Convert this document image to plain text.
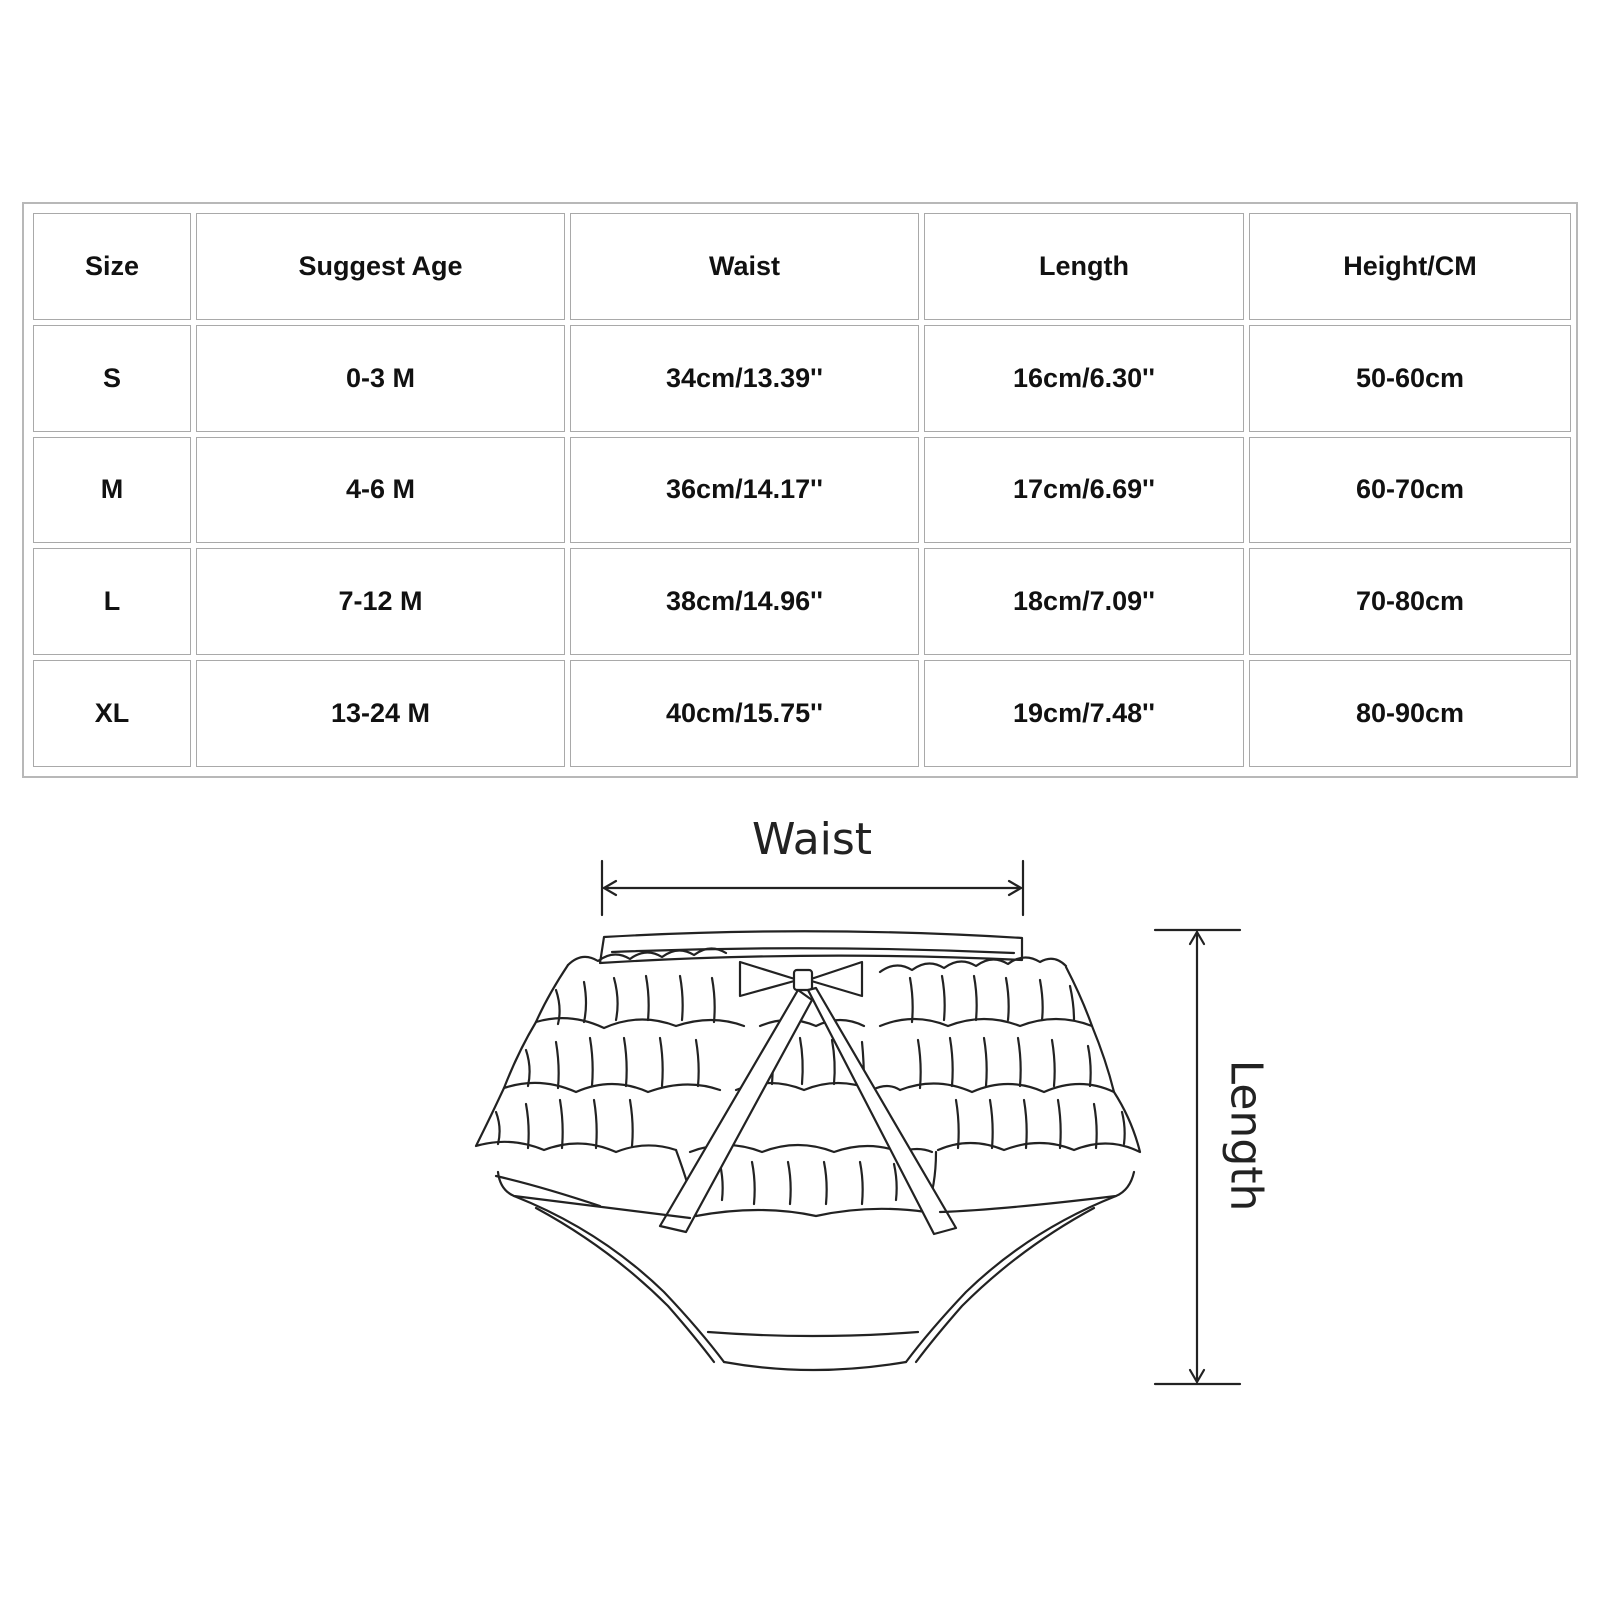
Size	Suggest Age	Waist	Length	Height/CM
S	0-3 M	34cm/13.39''	16cm/6.30''	50-60cm
M	4-6 M	36cm/14.17''	17cm/6.69''	60-70cm
L	7-12 M	38cm/14.96''	18cm/7.09''	70-80cm
XL	13-24 M	40cm/15.75''	19cm/7.48''	80-90cm
Waist
Length
